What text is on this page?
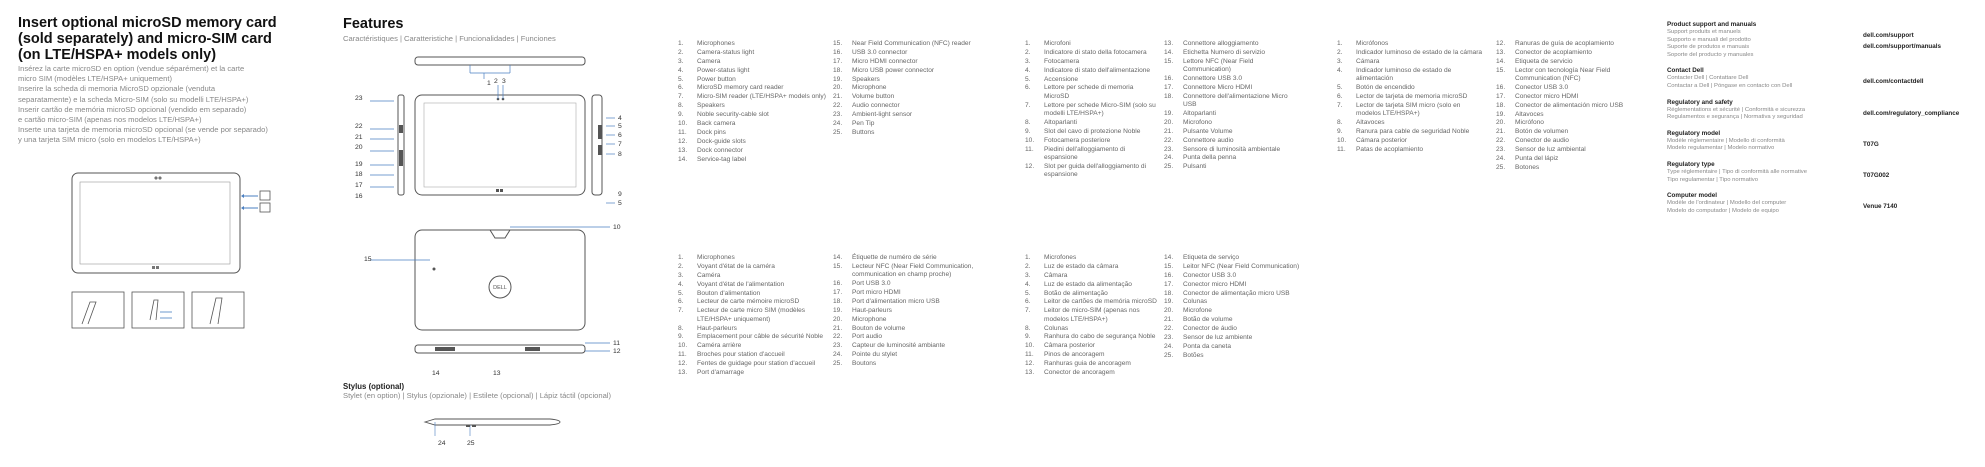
Insert optional microSD memory card
(sold separately) and micro-SIM card
(on LTE/HSPA+ models only)
Insérez la carte microSD en option (vendue séparément) et la carte
micro SIM (modèles LTE/HSPA+ uniquement)
Inserire la scheda di memoria MicroSD opzionale (venduta
separatamente) e la scheda Micro-SIM (solo su modelli LTE/HSPA+)
Inserir cartão de memória microSD opcional (vendido em separado)
e cartão micro-SIM (apenas nos modelos LTE/HSPA+)
Inserte una tarjeta de memoria microSD opcional (se vende por separado)
y una tarjeta SIM micro (solo en modelos LTE/HSPA+)
Features
Caractéristiques | Caratteristiche | Funcionalidades | Funciones
DELL
1 2 3
4
5
6
7
8
5
10
11
12
23
22
21
20
19
18
17
16
15
9
14	13
Stylus (optional)
Stylet (en option) | Stylus (opzionale) | Estilete (opcional) | Lápiz táctil (opcional)
24	25
1.	Microphones
2.	Camera-status light
3.	Camera
4.	Power-status light
5.	Power button
6.	MicroSD memory card reader
7.	Micro-SIM reader (LTE/HSPA+ models only)
8.	Speakers
9.	Noble security-cable slot
10.	Back camera
11.	Dock pins
12.	Dock-guide slots
13.	Dock connector
14.	Service-tag label
15.	Near Field Communication (NFC) reader
16.	USB 3.0 connector
17.	Micro HDMI connector
18.	Micro USB power connector
19.	Speakers
20.	Microphone
21.	Volume button
22.	Audio connector
23.	Ambient-light sensor
24.	Pen Tip
25.	Buttons
1.	Microphones
2.	Voyant d'état de la caméra
3.	Caméra
4.	Voyant d'état de l'alimentation
5.	Bouton d'alimentation
6.	Lecteur de carte mémoire microSD
7.	Lecteur de carte micro SIM (modèles LTE/HSPA+ uniquement)
8.	Haut-parleurs
9.	Emplacement pour câble de sécurité Noble
10.	Caméra arrière
11.	Broches pour station d'accueil
12.	Fentes de guidage pour station d'accueil
13.	Port d'amarrage
14.	Étiquette de numéro de série
15.	Lecteur NFC (Near Field Communication, communication en champ proche)
16.	Port USB 3.0
17.	Port micro HDMI
18.	Port d'alimentation micro USB
19.	Haut-parleurs
20.	Microphone
21.	Bouton de volume
22.	Port audio
23.	Capteur de luminosité ambiante
24.	Pointe du stylet
25.	Boutons
1.	Microfoni
2.	Indicatore di stato della fotocamera
3.	Fotocamera
4.	Indicatore di stato dell'alimentazione
5.	Accensione
6.	Lettore per schede di memoria MicroSD
7.	Lettore per schede Micro-SIM (solo su modelli LTE/HSPA+)
8.	Altoparlanti
9.	Slot del cavo di protezione Noble
10.	Fotocamera posteriore
11.	Piedini dell'alloggiamento di espansione
12.	Slot per guida dell'alloggiamento di espansione
13.	Connettore alloggiamento
14.	Etichetta Numero di servizio
15.	Lettore NFC (Near Field Communication)
16.	Connettore USB 3.0
17.	Connettore Micro HDMI
18.	Connettore dell'alimentazione Micro USB
19.	Altoparlanti
20.	Microfono
21.	Pulsante Volume
22.	Connettore audio
23.	Sensore di luminosità ambientale
24.	Punta della penna
25.	Pulsanti
1.	Microfones
2.	Luz de estado da câmara
3.	Câmara
4.	Luz de estado da alimentação
5.	Botão de alimentação
6.	Leitor de cartões de memória microSD
7.	Leitor de micro-SIM (apenas nos modelos LTE/HSPA+)
8.	Colunas
9.	Ranhura do cabo de segurança Noble
10.	Câmara posterior
11.	Pinos de ancoragem
12.	Ranhuras guia de ancoragem
13.	Conector de ancoragem
14.	Etiqueta de serviço
15.	Leitor NFC (Near Field Communication)
16.	Conector USB 3.0
17.	Conector micro HDMI
18.	Conector de alimentação micro USB
19.	Colunas
20.	Microfone
21.	Botão de volume
22.	Conector de áudio
23.	Sensor de luz ambiente
24.	Ponta da caneta
25.	Botões
1.	Micrófonos
2.	Indicador luminoso de estado de la cámara
3.	Cámara
4.	Indicador luminoso de estado de alimentación
5.	Botón de encendido
6.	Lector de tarjeta de memoria microSD
7.	Lector de tarjeta SIM micro (solo en modelos LTE/HSPA+)
8.	Altavoces
9.	Ranura para cable de seguridad Noble
10.	Cámara posterior
11.	Patas de acoplamiento
12.	Ranuras de guía de acoplamiento
13.	Conector de acoplamiento
14.	Etiqueta de servicio
15.	Lector con tecnología Near Field Communication (NFC)
16.	Conector USB 3.0
17.	Conector micro HDMI
18.	Conector de alimentación micro USB
19.	Altavoces
20.	Micrófono
21.	Botón de volumen
22.	Conector de audio
23.	Sensor de luz ambiental
24.	Punta del lápiz
25.	Botones
Product support and manuals
Support produits et manuels
Supporto e manuali del prodotto
Suporte de produtos e manuais
Soporte del producto y manuales
dell.com/support
dell.com/support/manuals
Contact Dell
Contacter Dell | Contattare Dell
Contactar a Dell | Póngase en contacto con Dell
dell.com/contactdell
Regulatory and safety
Réglementations et sécurité | Conformità e sicurezza
Regulamentos e segurança | Normativa y seguridad
dell.com/regulatory_compliance
Regulatory model
Modèle réglementaire | Modello di conformità
Modelo regulamentar | Modelo normativo
T07G
Regulatory type
Type réglementaire | Tipo di conformità alle normative
Tipo regulamentar | Tipo normativo
T07G002
Computer model
Modèle de l'ordinateur | Modello del computer
Modelo do computador | Modelo de equipo
Venue 7140
